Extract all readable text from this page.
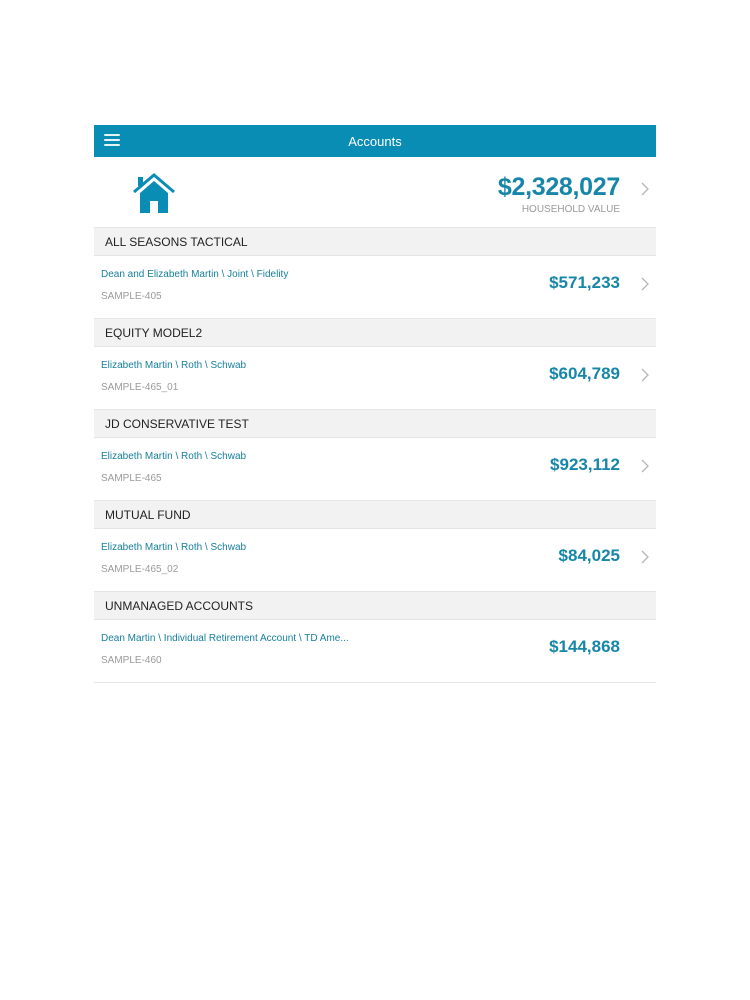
Accounts
$2,328,027
HOUSEHOLD VALUE
ALL SEASONS TACTICAL
Dean and Elizabeth Martin \ Joint \ Fidelity
SAMPLE-405
$571,233
EQUITY MODEL2
Elizabeth Martin \ Roth \ Schwab
SAMPLE-465_01
$604,789
JD CONSERVATIVE TEST
Elizabeth Martin \ Roth \ Schwab
SAMPLE-465
$923,112
MUTUAL FUND
Elizabeth Martin \ Roth \ Schwab
SAMPLE-465_02
$84,025
UNMANAGED ACCOUNTS
Dean Martin \ Individual Retirement Account \ TD Ame...
SAMPLE-460
$144,868
